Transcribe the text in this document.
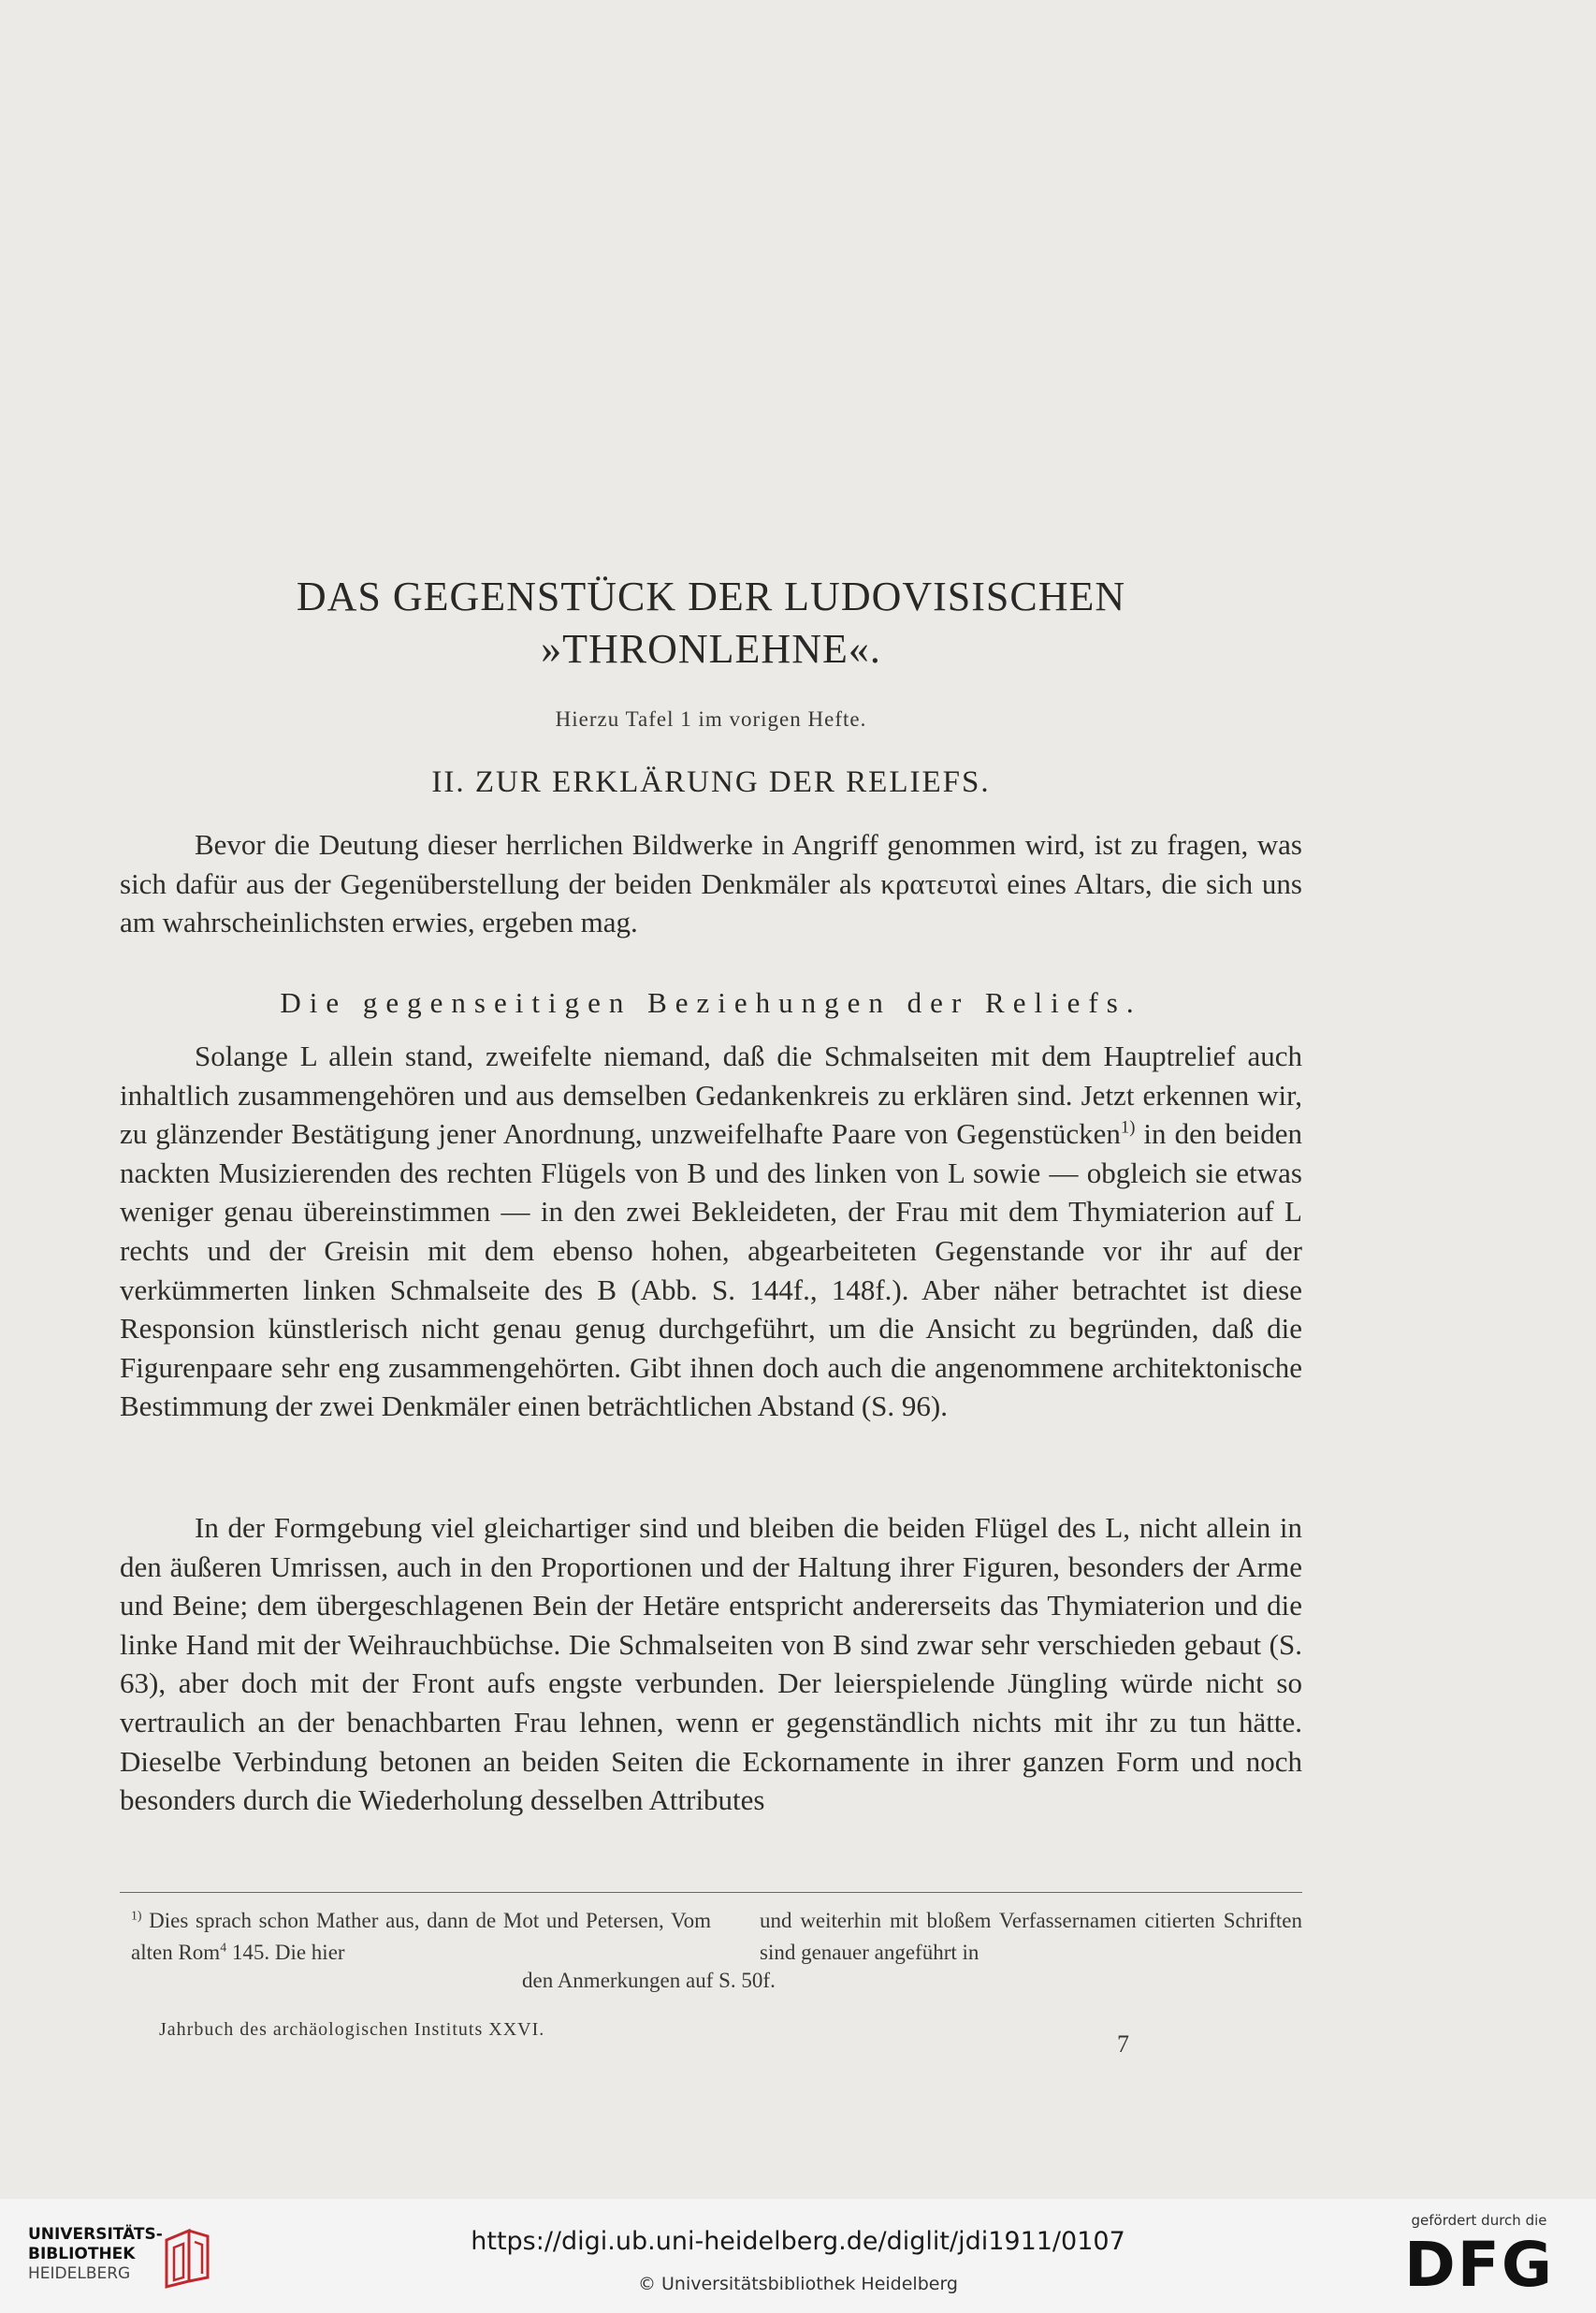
DAS GEGENSTÜCK DER LUDOVISISCHEN
»THRONLEHNE«.
Hierzu Tafel 1 im vorigen Hefte.
II. ZUR ERKLÄRUNG DER RELIEFS.

Bevor die Deutung dieser herrlichen Bildwerke in Angriff genommen wird, ist zu fragen, was sich dafür aus der Gegenüberstellung der beiden Denkmäler als κρατευταὶ eines Altars, die sich uns am wahrscheinlichsten erwies, ergeben mag.

Die gegenseitigen Beziehungen der Reliefs.

Solange L allein stand, zweifelte niemand, daß die Schmalseiten mit dem Hauptrelief auch inhaltlich zusammengehören und aus demselben Gedankenkreis zu erklären sind. Jetzt erkennen wir, zu glänzender Bestätigung jener Anordnung, unzweifelhafte Paare von Gegenstücken$^{1)}$ in den beiden nackten Musizierenden des rechten Flügels von B und des linken von L sowie — obgleich sie etwas weniger genau übereinstimmen — in den zwei Bekleideten, der Frau mit dem Thymiaterion auf L rechts und der Greisin mit dem ebenso hohen, abgearbeiteten Gegenstande vor ihr auf der verkümmerten linken Schmalseite des B (Abb. S. 144f., 148f.). Aber näher betrachtet ist diese Responsion künstlerisch nicht genau genug durchgeführt, um die Ansicht zu begründen, daß die Figurenpaare sehr eng zusammengehörten. Gibt ihnen doch auch die angenommene architektonische Bestimmung der zwei Denkmäler einen beträchtlichen Abstand (S. 96).

In der Formgebung viel gleichartiger sind und bleiben die beiden Flügel des L, nicht allein in den äußeren Umrissen, auch in den Proportionen und der Haltung ihrer Figuren, besonders der Arme und Beine; dem übergeschlagenen Bein der Hetäre entspricht andererseits das Thymiaterion und die linke Hand mit der Weihrauchbüchse. Die Schmalseiten von B sind zwar sehr verschieden gebaut (S. 63), aber doch mit der Front aufs engste verbunden. Der leierspielende Jüngling würde nicht so vertraulich an der benachbarten Frau lehnen, wenn er gegenständlich nichts mit ihr zu tun hätte. Dieselbe Verbindung betonen an beiden Seiten die Eckornamente in ihrer ganzen Form und noch besonders durch die Wiederholung desselben Attributes

$^{1)}$ Dies sprach schon Mather aus, dann de Mot und Petersen, Vom alten Rom$^4$ 145. Die hier

und weiterhin mit bloßem Verfassernamen citierten Schriften sind genauer angeführt in

den Anmerkungen auf S. 50f.
Jahrbuch des archäologischen Instituts XXVI.
7
UNIVERSITÄTS-
BIBLIOTHEK
HEIDELBERG
https://digi.ub.uni-heidelberg.de/diglit/jdi1911/0107
© Universitätsbibliothek Heidelberg
gefördert durch die
DFG
